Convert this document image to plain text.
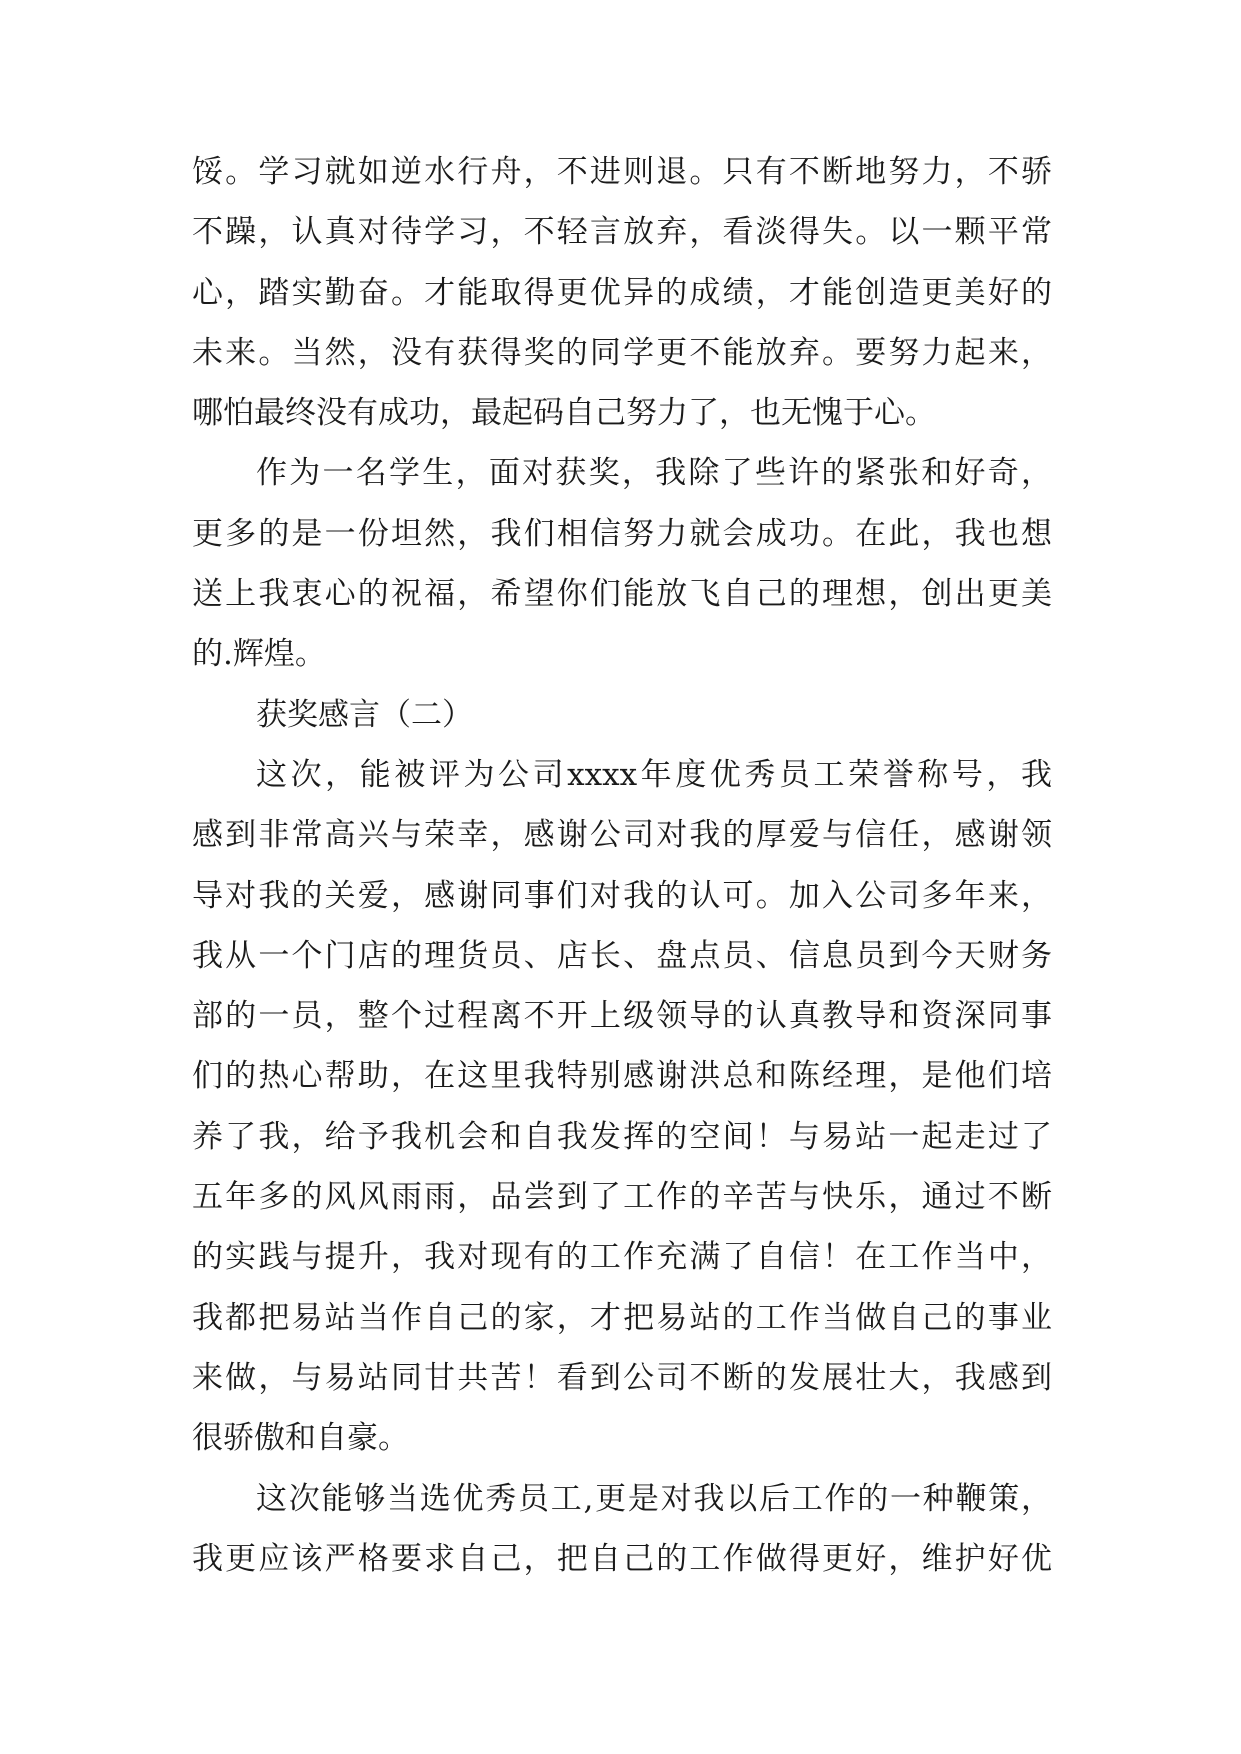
馁。学习就如逆水行舟，不进则退。只有不断地努力，不骄
不躁，认真对待学习，不轻言放弃，看淡得失。以一颗平常
心，踏实勤奋。才能取得更优异的成绩，才能创造更美好的
未来。当然，没有获得奖的同学更不能放弃。要努力起来，
哪怕最终没有成功，最起码自己努力了，也无愧于心。
作为一名学生，面对获奖，我除了些许的紧张和好奇，
更多的是一份坦然，我们相信努力就会成功。在此，我也想
送上我衷心的祝福，希望你们能放飞自己的理想，创出更美
的.辉煌。
获奖感言（二）
这次，能被评为公司xxxx年度优秀员工荣誉称号，我
感到非常高兴与荣幸，感谢公司对我的厚爱与信任，感谢领
导对我的关爱，感谢同事们对我的认可。加入公司多年来，
我从一个门店的理货员、店长、盘点员、信息员到今天财务
部的一员，整个过程离不开上级领导的认真教导和资深同事
们的热心帮助，在这里我特别感谢洪总和陈经理，是他们培
养了我，给予我机会和自我发挥的空间！与易站一起走过了
五年多的风风雨雨，品尝到了工作的辛苦与快乐，通过不断
的实践与提升，我对现有的工作充满了自信！在工作当中，
我都把易站当作自己的家，才把易站的工作当做自己的事业
来做，与易站同甘共苦！看到公司不断的发展壮大，我感到
很骄傲和自豪。
这次能够当选优秀员工,更是对我以后工作的一种鞭策，
我更应该严格要求自己，把自己的工作做得更好，维护好优
